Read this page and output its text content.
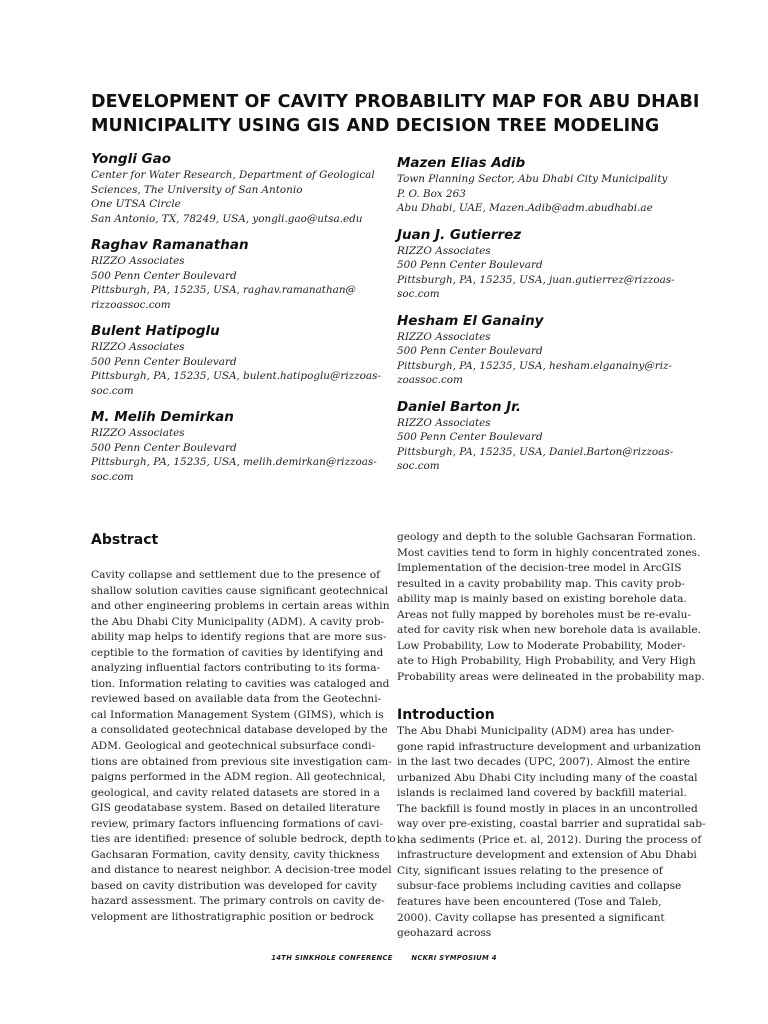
DEVELOPMENT OF CAVITY PROBABILITY MAP FOR ABU DHABI
MUNICIPALITY USING GIS AND DECISION TREE MODELING

Yongli Gao

Center for Water Research, Department of Geological

Sciences, The University of San Antonio

One UTSA Circle

San Antonio, TX, 78249, USA, yongli.gao@utsa.edu

Raghav Ramanathan

RIZZO Associates

500 Penn Center Boulevard

Pittsburgh, PA, 15235, USA, raghav.ramanathan@

rizzoassoc.com

Bulent Hatipoglu

RIZZO Associates

500 Penn Center Boulevard

Pittsburgh, PA, 15235, USA, bulent.hatipoglu@rizzoas-

soc.com

M. Melih Demirkan

RIZZO Associates

500 Penn Center Boulevard

Pittsburgh, PA, 15235, USA, melih.demirkan@rizzoas-

soc.com

Mazen Elias Adib

Town Planning Sector, Abu Dhabi City Municipality

P. O. Box 263

Abu Dhabi, UAE, Mazen.Adib@adm.abudhabi.ae

Juan J. Gutierrez

RIZZO Associates

500 Penn Center Boulevard

Pittsburgh, PA, 15235, USA, juan.gutierrez@rizzoas-

soc.com

Hesham El Ganainy

RIZZO Associates

500 Penn Center Boulevard

Pittsburgh, PA, 15235, USA, hesham.elganainy@riz-

zoassoc.com

Daniel Barton Jr.

RIZZO Associates

500 Penn Center Boulevard

Pittsburgh, PA, 15235, USA, Daniel.Barton@rizzoas-

soc.com

Abstract
Cavity collapse and settlement due to the presence of
shallow solution cavities cause significant geotechnical
and other engineering problems in certain areas within
the Abu Dhabi City Municipality (ADM). A cavity prob-
ability map helps to identify regions that are more sus-
ceptible to the formation of cavities by identifying and
analyzing influential factors contributing to its forma-
tion. Information relating to cavities was cataloged and
reviewed based on available data from the Geotechni-
cal Information Management System (GIMS), which is
a consolidated geotechnical database developed by the
ADM. Geological and geotechnical subsurface condi-
tions are obtained from previous site investigation cam-
paigns performed in the ADM region. All geotechnical,
geological, and cavity related datasets are stored in a
GIS geodatabase system. Based on detailed literature
review, primary factors influencing formations of cavi-
ties are identified: presence of soluble bedrock, depth to
Gachsaran Formation, cavity density, cavity thickness
and distance to nearest neighbor. A decision-tree model
based on cavity distribution was developed for cavity
hazard assessment. The primary controls on cavity de-
velopment are lithostratigraphic position or bedrock
geology and depth to the soluble Gachsaran Formation.
Most cavities tend to form in highly concentrated zones.
Implementation of the decision-tree model in ArcGIS
resulted in a cavity probability map. This cavity prob-
ability map is mainly based on existing borehole data.
Areas not fully mapped by boreholes must be re-evalu-
ated for cavity risk when new borehole data is available.
Low Probability, Low to Moderate Probability, Moder-
ate to High Probability, High Probability, and Very High
Probability areas were delineated in the probability map.
Introduction
The Abu Dhabi Municipality (ADM) area has under-
gone rapid infrastructure development and urbanization
in the last two decades (UPC, 2007). Almost the entire
urbanized Abu Dhabi City including many of the coastal
islands is reclaimed land covered by backfill material.
The backfill is found mostly in places in an uncontrolled
way over pre-existing, coastal barrier and supratidal sab-
kha sediments (Price et. al, 2012). During the process of
infrastructure development and extension of Abu Dhabi
City, significant issues relating to the presence of
subsur-face problems including cavities and collapse
features have been encountered (Tose and Taleb,
2000). Cavity collapse has presented a significant
geohazard across
14TH SINKHOLE CONFERENCE	NCKRI SYMPOSIUM 4
